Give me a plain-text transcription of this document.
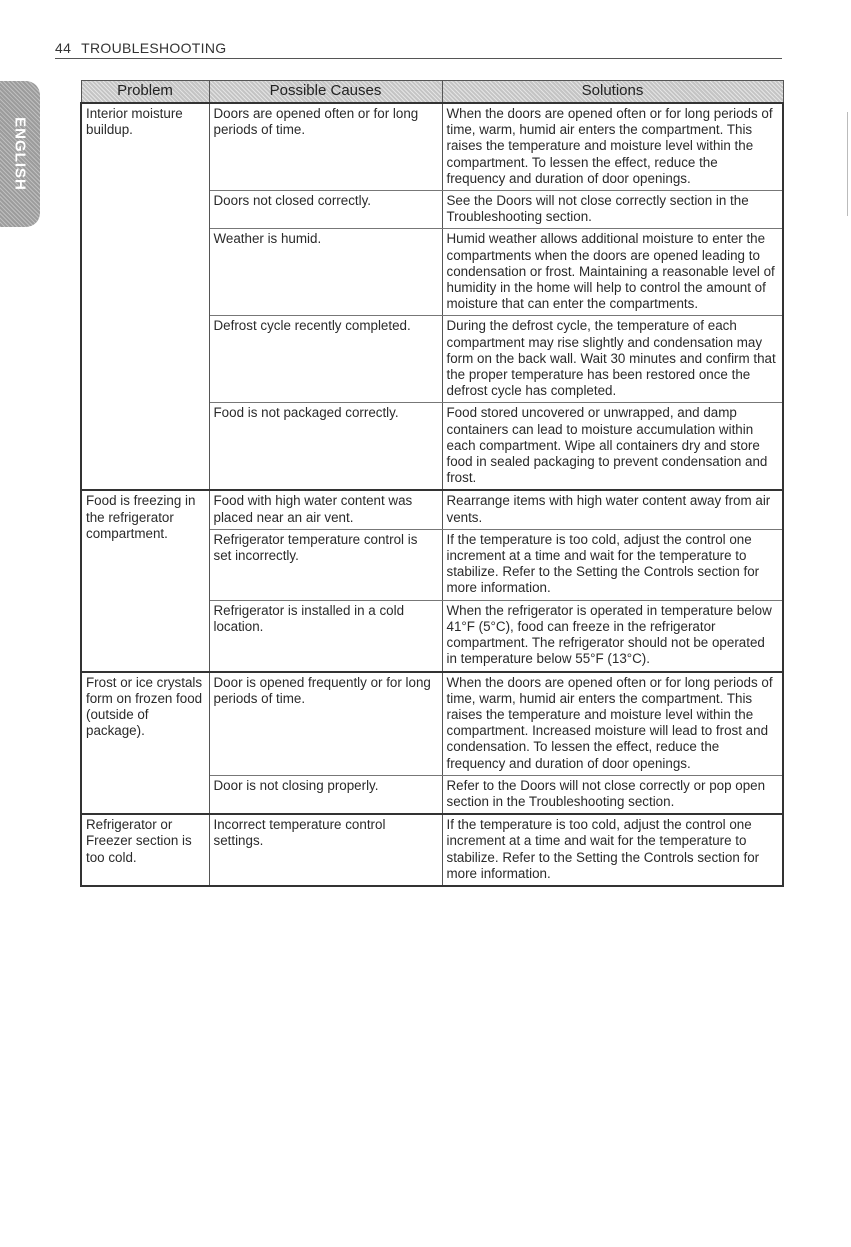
44 TROUBLESHOOTING
ENGLISH
Problem	Possible Causes	Solutions
Interior moisture buildup.	Doors are opened often or for long periods of time.	When the doors are opened often or for long periods of time, warm, humid air enters the compartment. This raises the temperature and moisture level within the compartment. To lessen the effect, reduce the frequency and duration of door openings.
	Doors not closed correctly.	See the Doors will not close correctly section in the Troubleshooting section.
	Weather is humid.	Humid weather allows additional moisture to enter the compartments when the doors are opened leading to condensation or frost. Maintaining a reasonable level of humidity in the home will help to control the amount of moisture that can enter the compartments.
	Defrost cycle recently completed.	During the defrost cycle, the temperature of each compartment may rise slightly and condensation may form on the back wall. Wait 30 minutes and confirm that the proper temperature has been restored once the defrost cycle has completed.
	Food is not packaged correctly.	Food stored uncovered or unwrapped, and damp containers can lead to moisture accumulation within each compartment. Wipe all containers dry and store food in sealed packaging to prevent condensation and frost.
Food is freezing in the refrigerator compartment.	Food with high water content was placed near an air vent.	Rearrange items with high water content away from air vents.
	Refrigerator temperature control is set incorrectly.	If the temperature is too cold, adjust the control one increment at a time and wait for the temperature to stabilize. Refer to the Setting the Controls section for more information.
	Refrigerator is installed in a cold location.	When the refrigerator is operated in temperature below 41°F (5°C), food can freeze in the refrigerator compartment. The refrigerator should not be operated in temperature below 55°F (13°C).
Frost or ice crystals form on frozen food (outside of package).	Door is opened frequently or for long periods of time.	When the doors are opened often or for long periods of time, warm, humid air enters the compartment. This raises the temperature and moisture level within the compartment. Increased moisture will lead to frost and condensation. To lessen the effect, reduce the frequency and duration of door openings.
	Door is not closing properly.	Refer to the Doors will not close correctly or pop open section in the Troubleshooting section.
Refrigerator or Freezer section is too cold.	Incorrect temperature control settings.	If the temperature is too cold, adjust the control one increment at a time and wait for the temperature to stabilize. Refer to the Setting the Controls section for more information.
